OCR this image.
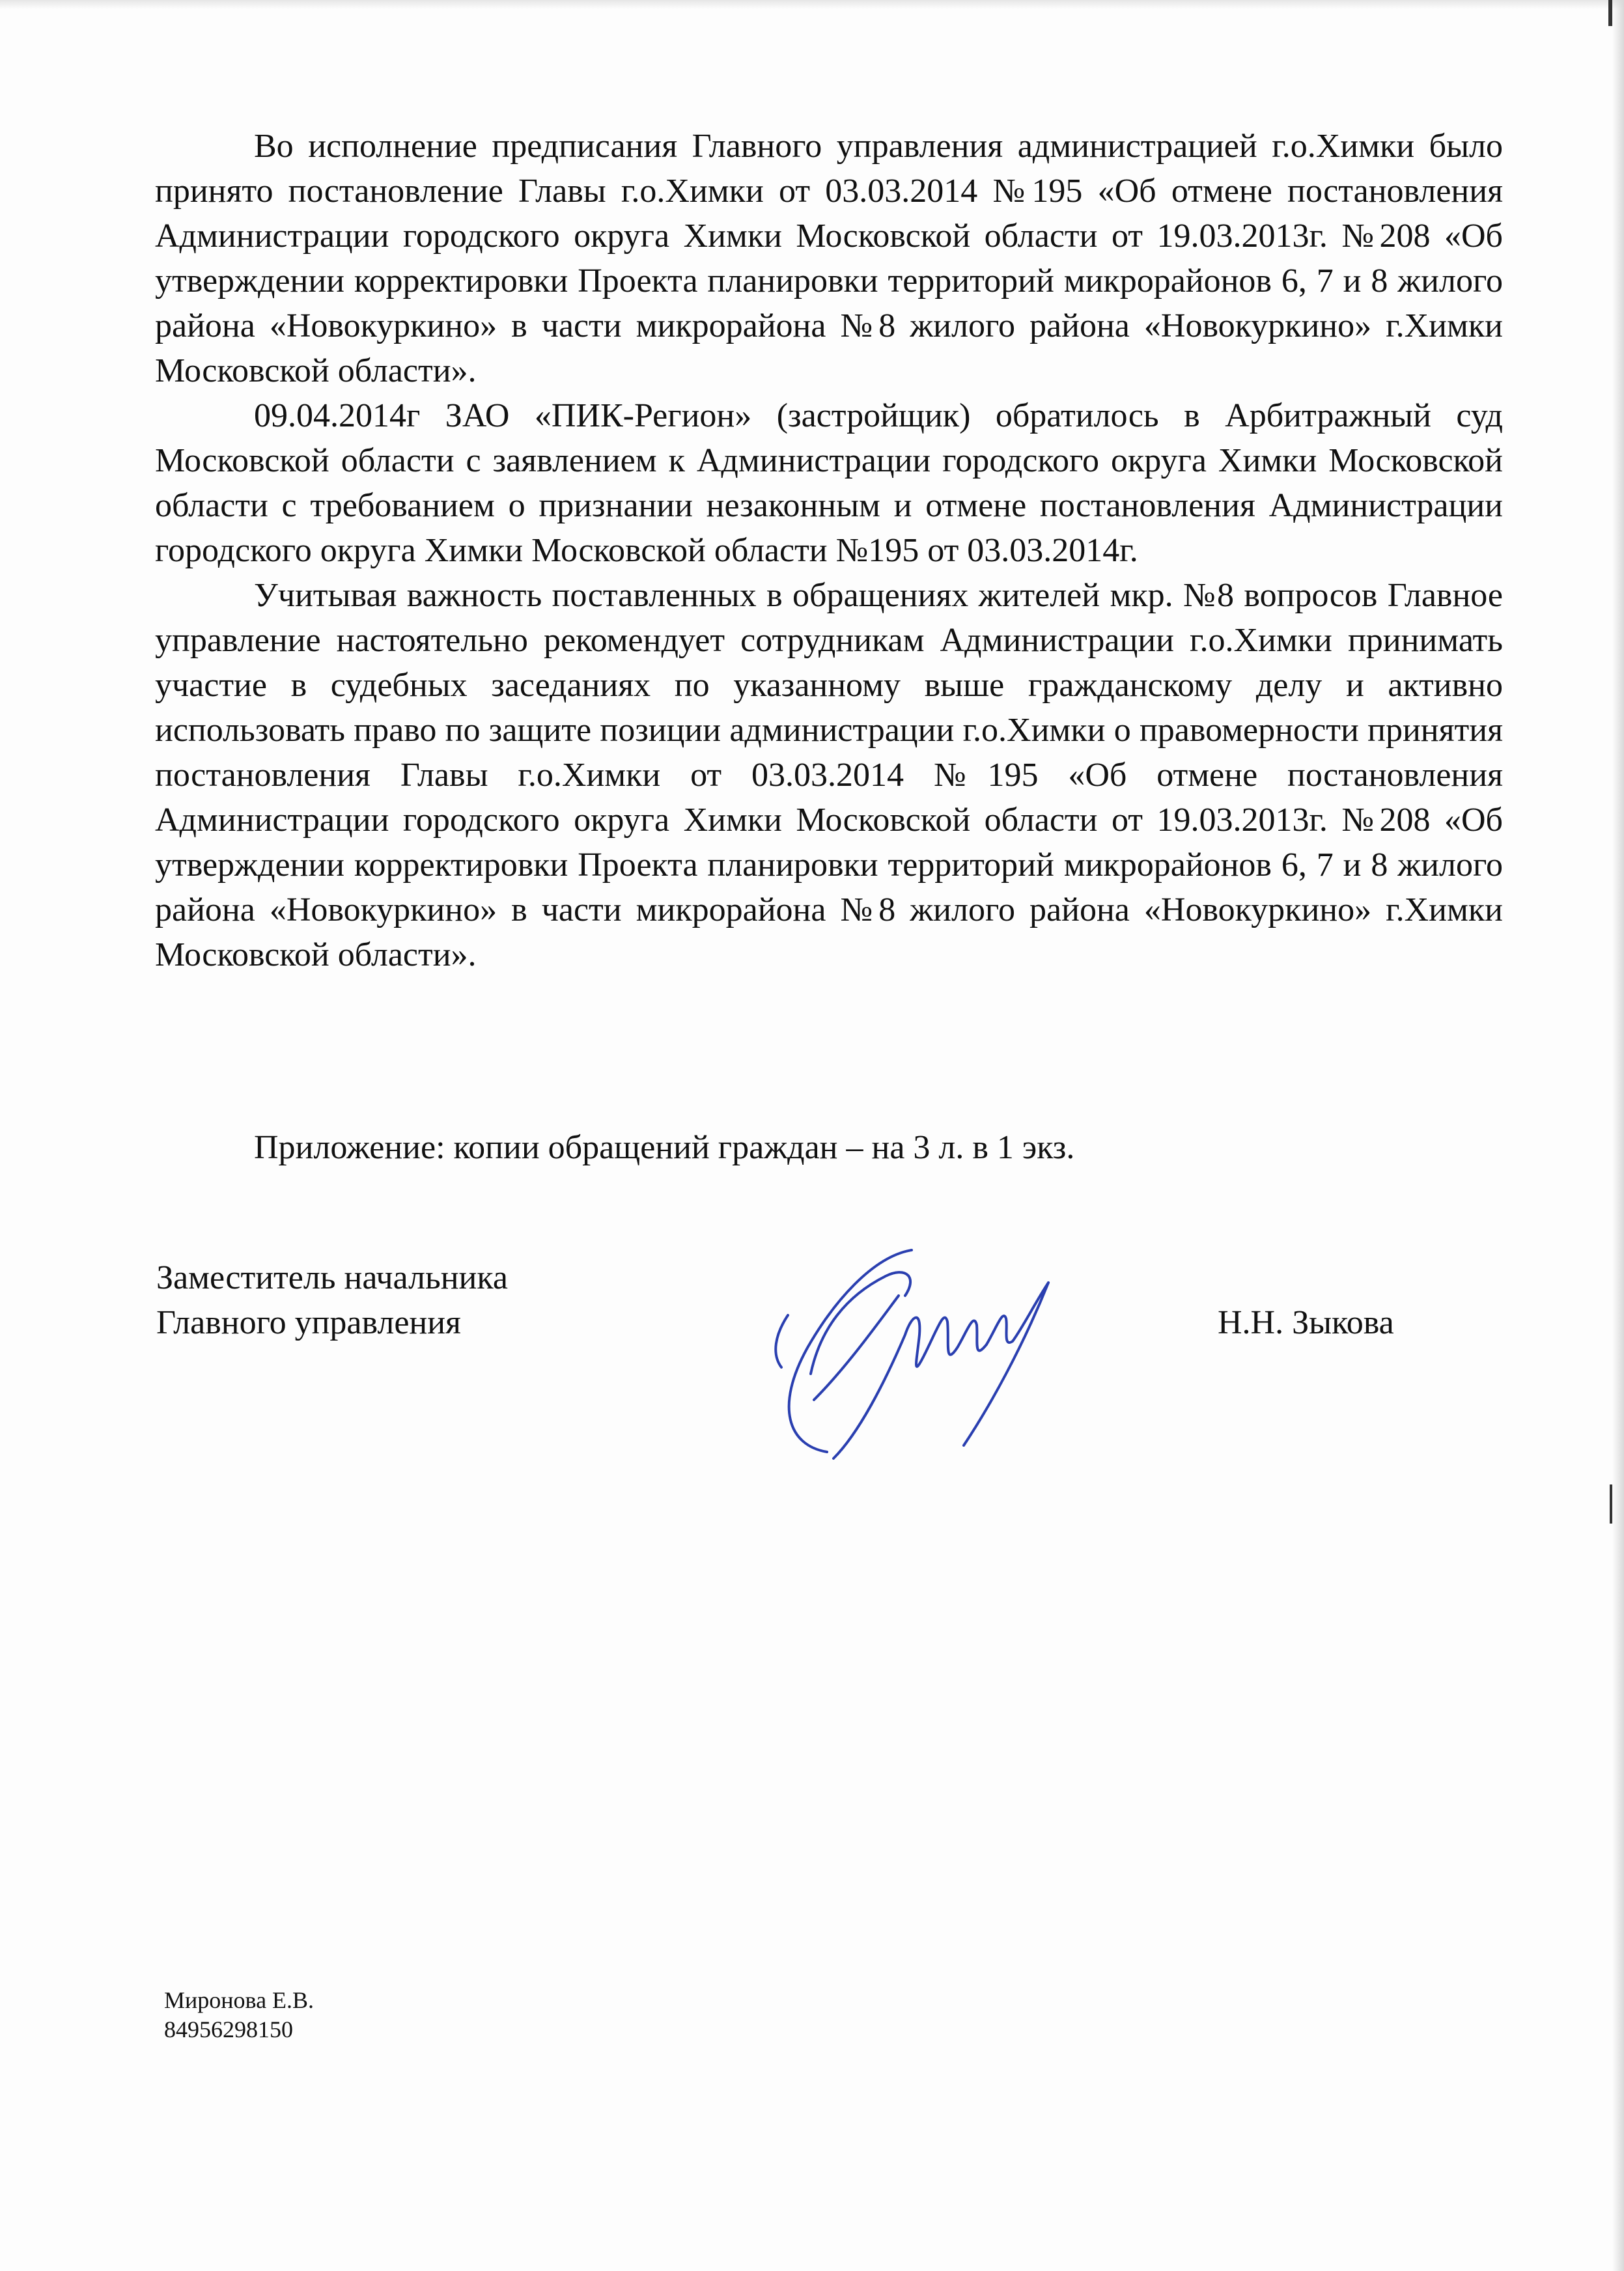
Во исполнение предписания Главного управления администрацией г.о.Химки было принято постановление Главы г.о.Химки от 03.03.2014 №195 «Об отмене постановления Администрации городского округа Химки Московской области от 19.03.2013г. №208 «Об утверждении корректировки Проекта планировки территорий микрорайонов 6, 7 и 8 жилого района «Новокуркино» в части микрорайона №8 жилого района «Новокуркино» г.Химки Московской области».

09.04.2014г ЗАО «ПИК-Регион» (застройщик) обратилось в Арбитражный суд Московской области с заявлением к Администрации городского округа Химки Московской области с требованием о признании незаконным и отмене постановления Администрации городского округа Химки Московской области №195 от 03.03.2014г.

Учитывая важность поставленных в обращениях жителей мкр. №8 вопросов Главное управление настоятельно рекомендует сотрудникам Администрации г.о.Химки принимать участие в судебных заседаниях по указанному выше гражданскому делу и активно использовать право по защите позиции администрации г.о.Химки о правомерности принятия постановления Главы г.о.Химки от 03.03.2014 №195 «Об отмене постановления Администрации городского округа Химки Московской области от 19.03.2013г. №208 «Об утверждении корректировки Проекта планировки территорий микрорайонов 6, 7 и 8 жилого района «Новокуркино» в части микрорайона №8 жилого района «Новокуркино» г.Химки Московской области».

Приложение: копии обращений граждан – на 3 л. в 1 экз.
Заместитель начальника
Главного управления	Н.Н. Зыкова
Миронова Е.В.
84956298150
